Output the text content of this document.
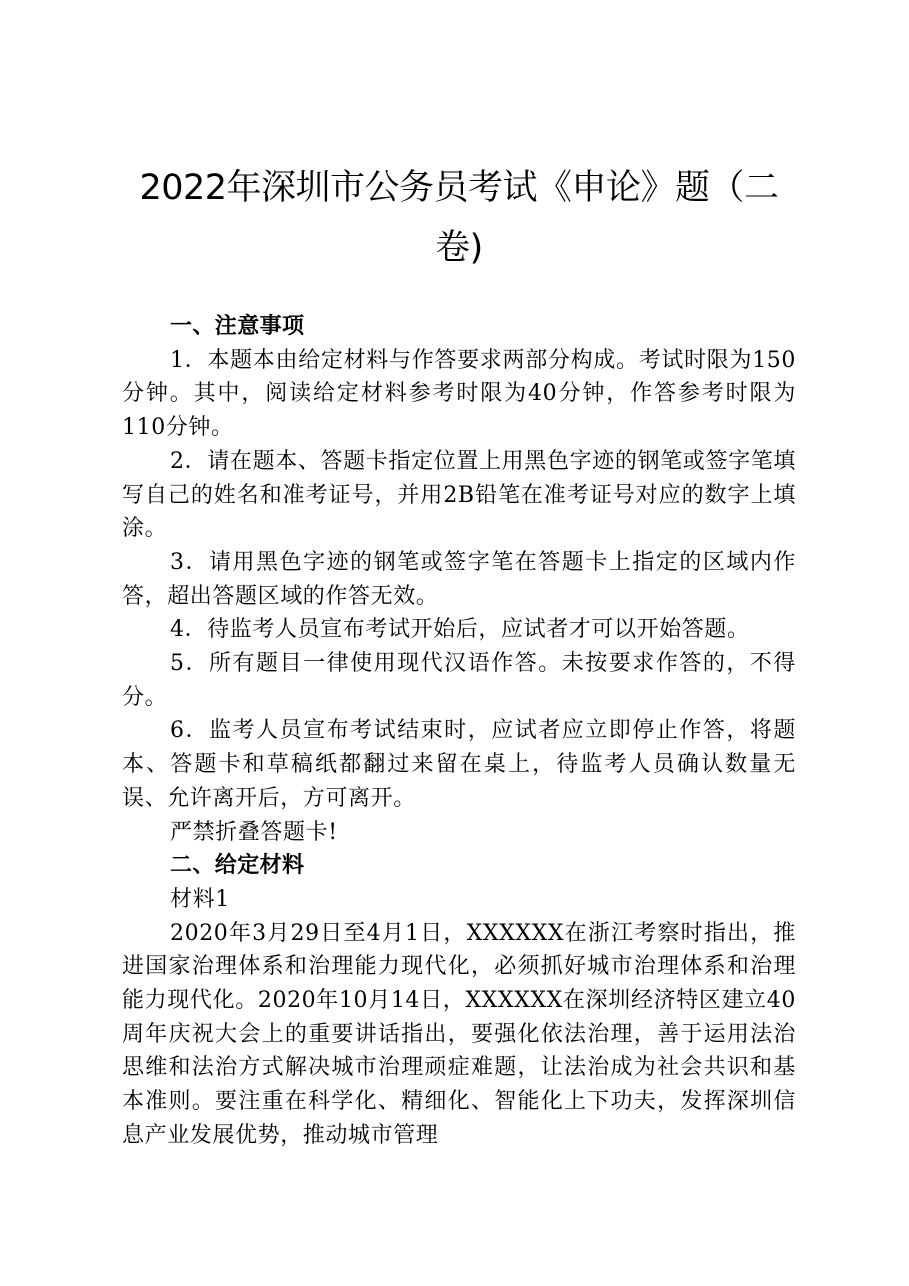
2022年深圳市公务员考试《申论》题（二卷)

一、注意事项

1．本题本由给定材料与作答要求两部分构成。考试时限为150分钟。其中，阅读给定材料参考时限为40分钟，作答参考时限为110分钟。

2．请在题本、答题卡指定位置上用黑色字迹的钢笔或签字笔填写自己的姓名和准考证号，并用2B铅笔在准考证号对应的数字上填涂。

3．请用黑色字迹的钢笔或签字笔在答题卡上指定的区域内作答，超出答题区域的作答无效。

4．待监考人员宣布考试开始后，应试者才可以开始答题。

5．所有题目一律使用现代汉语作答。未按要求作答的，不得分。

6．监考人员宣布考试结束时，应试者应立即停止作答，将题本、答题卡和草稿纸都翻过来留在桌上，待监考人员确认数量无误、允许离开后，方可离开。

严禁折叠答题卡!

二、给定材料

材料1

2020年3月29日至4月1日，XXXXXX在浙江考察时指出，推进国家治理体系和治理能力现代化，必须抓好城市治理体系和治理能力现代化。2020年10月14日，XXXXXX在深圳经济特区建立40周年庆祝大会上的重要讲话指出，要强化依法治理，善于运用法治思维和法治方式解决城市治理顽症难题，让法治成为社会共识和基本准则。要注重在科学化、精细化、智能化上下功夫，发挥深圳信息产业发展优势，推动城市管理
